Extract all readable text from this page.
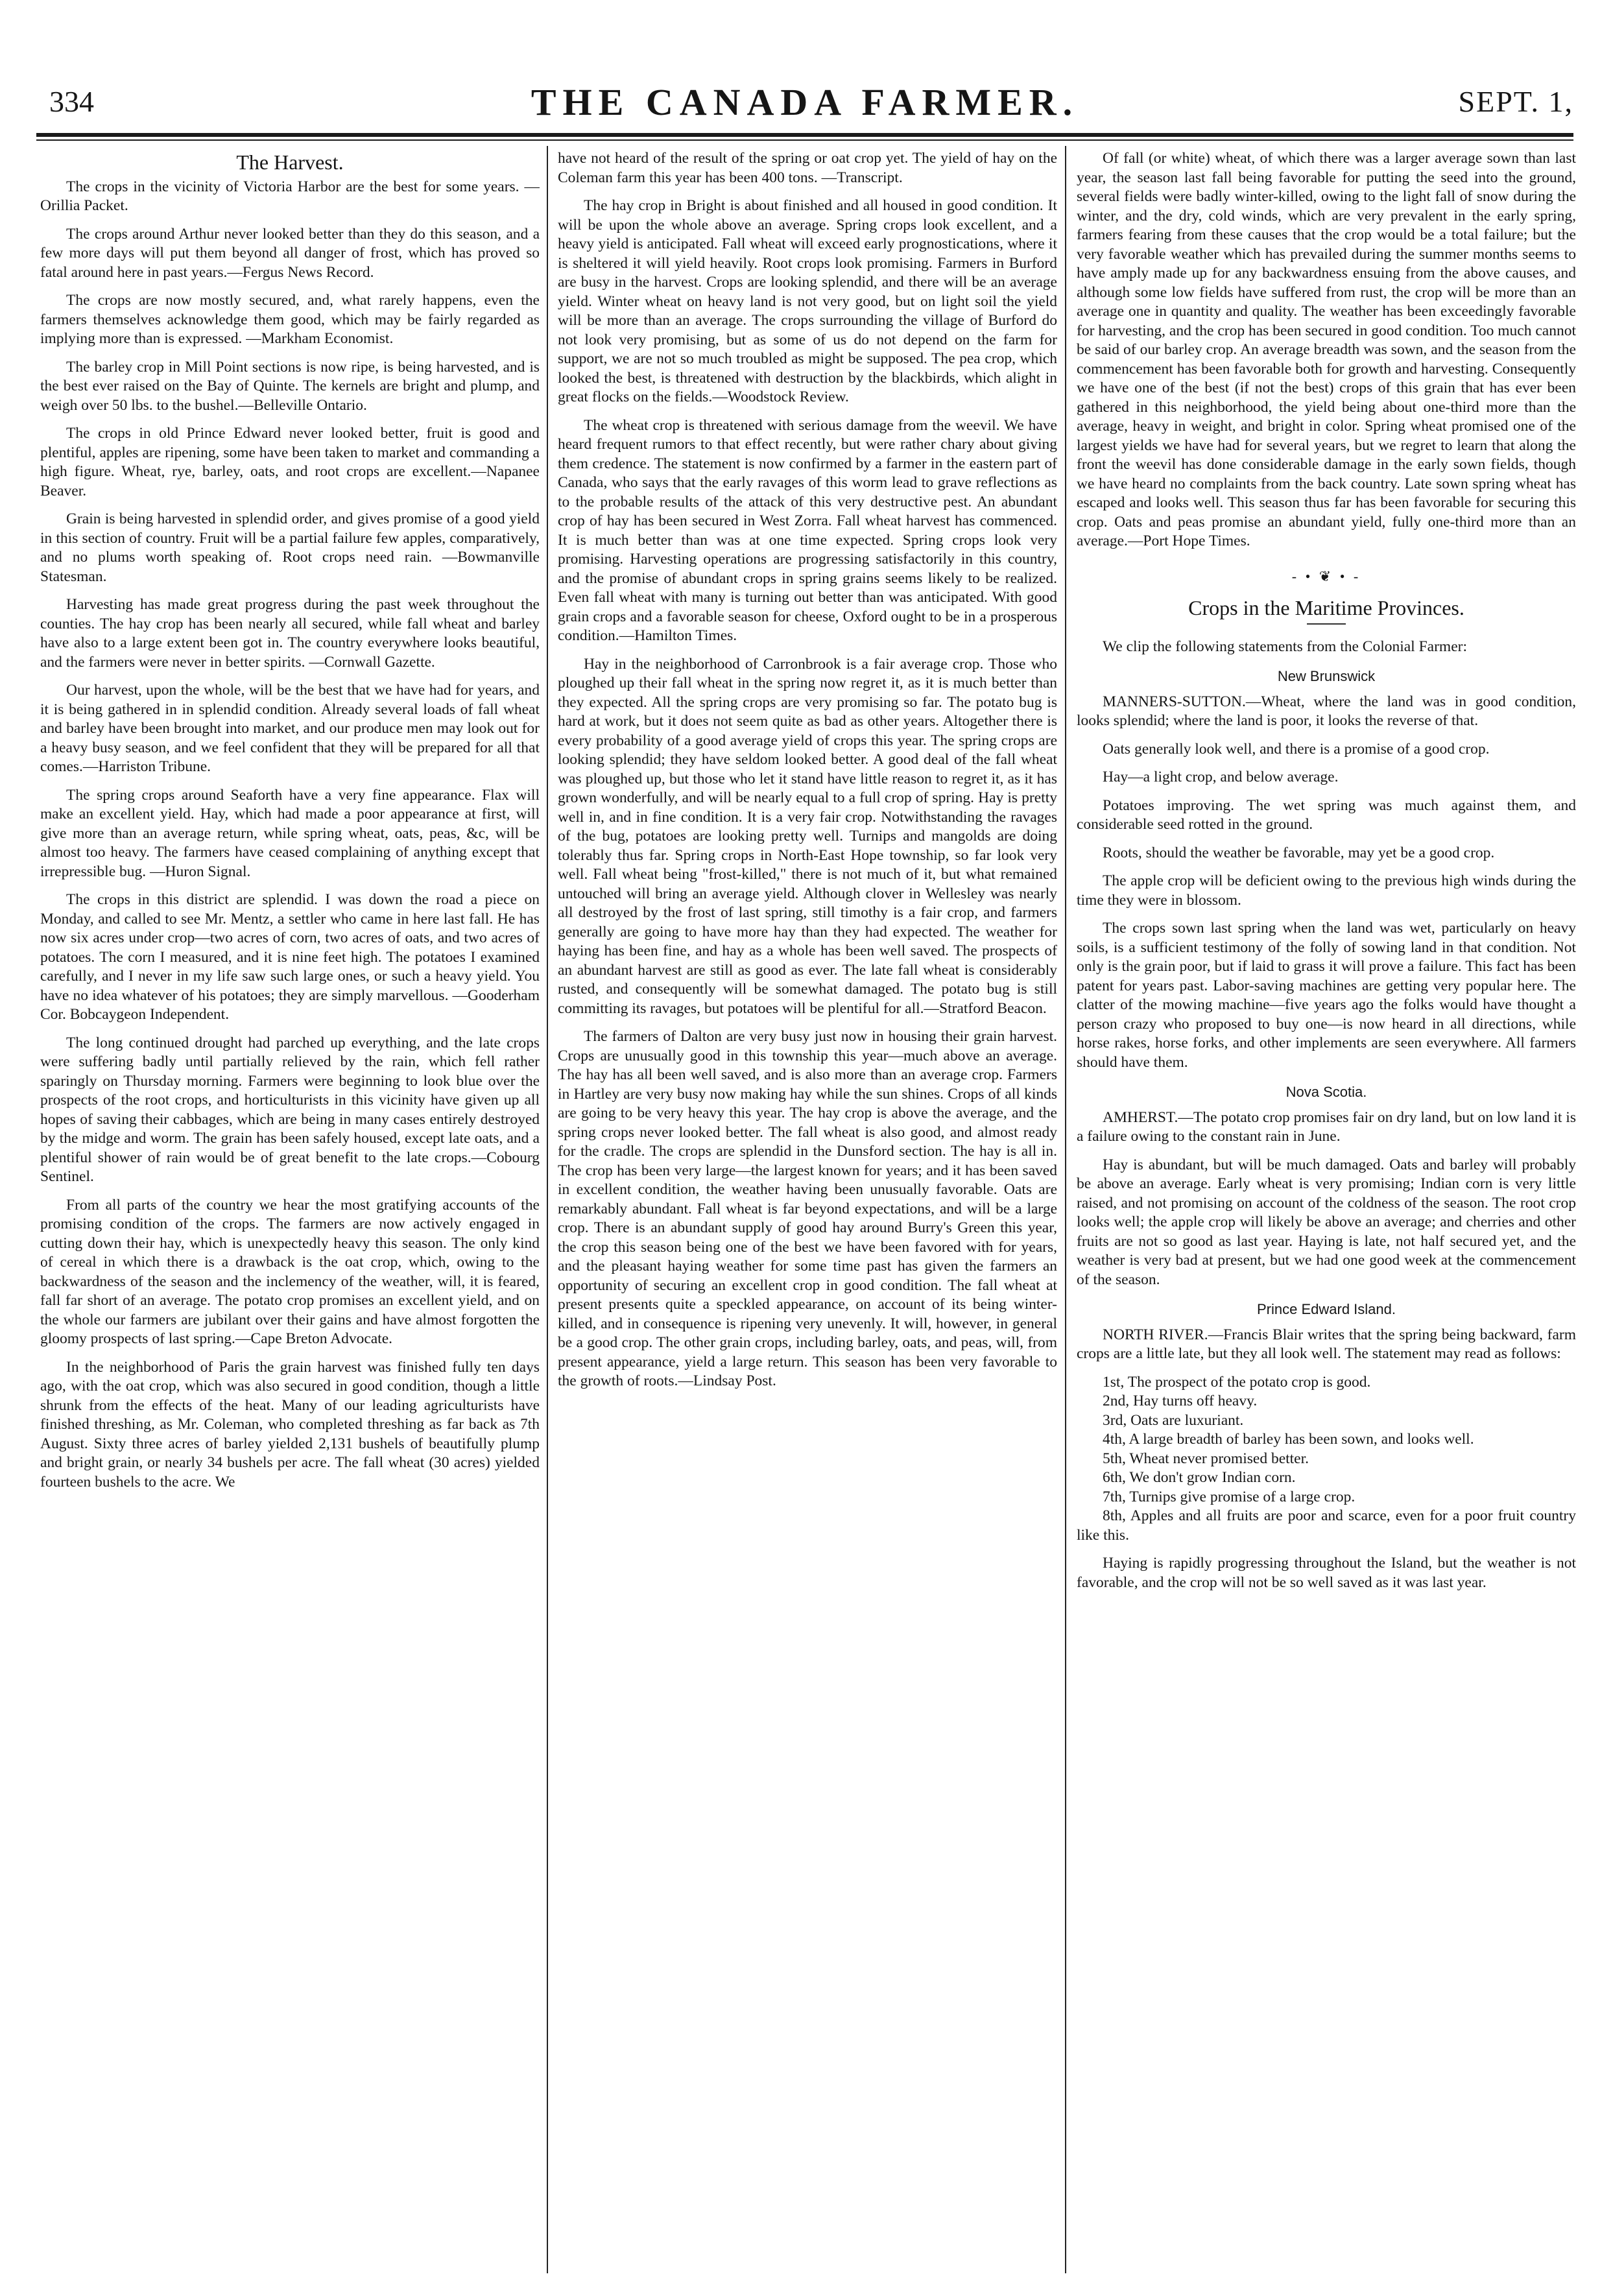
334	THE CANADA FARMER.	SEPT. 1,
The Harvest.

The crops in the vicinity of Victoria Harbor are the best for some years. —Orillia Packet.

The crops around Arthur never looked better than they do this season, and a few more days will put them beyond all danger of frost, which has proved so fatal around here in past years.—Fergus News Record.

The crops are now mostly secured, and, what rarely happens, even the farmers themselves acknowledge them good, which may be fairly regarded as implying more than is expressed. —Markham Economist.

The barley crop in Mill Point sections is now ripe, is being harvested, and is the best ever raised on the Bay of Quinte. The kernels are bright and plump, and weigh over 50 lbs. to the bushel.—Belleville Ontario.

The crops in old Prince Edward never looked better, fruit is good and plentiful, apples are ripening, some have been taken to market and commanding a high figure. Wheat, rye, barley, oats, and root crops are excellent.—Napanee Beaver.

Grain is being harvested in splendid order, and gives promise of a good yield in this section of country. Fruit will be a partial failure few apples, comparatively, and no plums worth speaking of. Root crops need rain. —Bowmanville Statesman.

Harvesting has made great progress during the past week throughout the counties. The hay crop has been nearly all secured, while fall wheat and barley have also to a large extent been got in. The country everywhere looks beautiful, and the farmers were never in better spirits. —Cornwall Gazette.

Our harvest, upon the whole, will be the best that we have had for years, and it is being gathered in in splendid condition. Already several loads of fall wheat and barley have been brought into market, and our produce men may look out for a heavy busy season, and we feel confident that they will be prepared for all that comes.—Harriston Tribune.

The spring crops around Seaforth have a very fine appearance. Flax will make an excellent yield. Hay, which had made a poor appearance at first, will give more than an average return, while spring wheat, oats, peas, &c, will be almost too heavy. The farmers have ceased complaining of anything except that irrepressible bug. —Huron Signal.

The crops in this district are splendid. I was down the road a piece on Monday, and called to see Mr. Mentz, a settler who came in here last fall. He has now six acres under crop—two acres of corn, two acres of oats, and two acres of potatoes. The corn I measured, and it is nine feet high. The potatoes I examined carefully, and I never in my life saw such large ones, or such a heavy yield. You have no idea whatever of his potatoes; they are simply marvellous. —Gooderham Cor. Bobcaygeon Independent.

The long continued drought had parched up everything, and the late crops were suffering badly until partially relieved by the rain, which fell rather sparingly on Thursday morning. Farmers were beginning to look blue over the prospects of the root crops, and horticulturists in this vicinity have given up all hopes of saving their cabbages, which are being in many cases entirely destroyed by the midge and worm. The grain has been safely housed, except late oats, and a plentiful shower of rain would be of great benefit to the late crops.—Cobourg Sentinel.

From all parts of the country we hear the most gratifying accounts of the promising condition of the crops. The farmers are now actively engaged in cutting down their hay, which is unexpectedly heavy this season. The only kind of cereal in which there is a drawback is the oat crop, which, owing to the backwardness of the season and the inclemency of the weather, will, it is feared, fall far short of an average. The potato crop promises an excellent yield, and on the whole our farmers are jubilant over their gains and have almost forgotten the gloomy prospects of last spring.—Cape Breton Advocate.

In the neighborhood of Paris the grain harvest was finished fully ten days ago, with the oat crop, which was also secured in good condition, though a little shrunk from the effects of the heat. Many of our leading agriculturists have finished threshing, as Mr. Coleman, who completed threshing as far back as 7th August. Sixty three acres of barley yielded 2,131 bushels of beautifully plump and bright grain, or nearly 34 bushels per acre. The fall wheat (30 acres) yielded fourteen bushels to the acre. We

have not heard of the result of the spring or oat crop yet. The yield of hay on the Coleman farm this year has been 400 tons. —Transcript.

The hay crop in Bright is about finished and all housed in good condition. It will be upon the whole above an average. Spring crops look excellent, and a heavy yield is anticipated. Fall wheat will exceed early prognostications, where it is sheltered it will yield heavily. Root crops look promising. Farmers in Burford are busy in the harvest. Crops are looking splendid, and there will be an average yield. Winter wheat on heavy land is not very good, but on light soil the yield will be more than an average. The crops surrounding the village of Burford do not look very promising, but as some of us do not depend on the farm for support, we are not so much troubled as might be supposed. The pea crop, which looked the best, is threatened with destruction by the blackbirds, which alight in great flocks on the fields.—Woodstock Review.

The wheat crop is threatened with serious damage from the weevil. We have heard frequent rumors to that effect recently, but were rather chary about giving them credence. The statement is now confirmed by a farmer in the eastern part of Canada, who says that the early ravages of this worm lead to grave reflections as to the probable results of the attack of this very destructive pest. An abundant crop of hay has been secured in West Zorra. Fall wheat harvest has commenced. It is much better than was at one time expected. Spring crops look very promising. Harvesting operations are progressing satisfactorily in this country, and the promise of abundant crops in spring grains seems likely to be realized. Even fall wheat with many is turning out better than was anticipated. With good grain crops and a favorable season for cheese, Oxford ought to be in a prosperous condition.—Hamilton Times.

Hay in the neighborhood of Carronbrook is a fair average crop. Those who ploughed up their fall wheat in the spring now regret it, as it is much better than they expected. All the spring crops are very promising so far. The potato bug is hard at work, but it does not seem quite as bad as other years. Altogether there is every probability of a good average yield of crops this year. The spring crops are looking splendid; they have seldom looked better. A good deal of the fall wheat was ploughed up, but those who let it stand have little reason to regret it, as it has grown wonderfully, and will be nearly equal to a full crop of spring. Hay is pretty well in, and in fine condition. It is a very fair crop. Notwithstanding the ravages of the bug, potatoes are looking pretty well. Turnips and mangolds are doing tolerably thus far. Spring crops in North-East Hope township, so far look very well. Fall wheat being "frost-killed," there is not much of it, but what remained untouched will bring an average yield. Although clover in Wellesley was nearly all destroyed by the frost of last spring, still timothy is a fair crop, and farmers generally are going to have more hay than they had expected. The weather for haying has been fine, and hay as a whole has been well saved. The prospects of an abundant harvest are still as good as ever. The late fall wheat is considerably rusted, and consequently will be somewhat damaged. The potato bug is still committing its ravages, but potatoes will be plentiful for all.—Stratford Beacon.

The farmers of Dalton are very busy just now in housing their grain harvest. Crops are unusually good in this township this year—much above an average. The hay has all been well saved, and is also more than an average crop. Farmers in Hartley are very busy now making hay while the sun shines. Crops of all kinds are going to be very heavy this year. The hay crop is above the average, and the spring crops never looked better. The fall wheat is also good, and almost ready for the cradle. The crops are splendid in the Dunsford section. The hay is all in. The crop has been very large—the largest known for years; and it has been saved in excellent condition, the weather having been unusually favorable. Oats are remarkably abundant. Fall wheat is far beyond expectations, and will be a large crop. There is an abundant supply of good hay around Burry's Green this year, the crop this season being one of the best we have been favored with for years, and the pleasant haying weather for some time past has given the farmers an opportunity of securing an excellent crop in good condition. The fall wheat at present presents quite a speckled appearance, on account of its being winter-killed, and in consequence is ripening very unevenly. It will, however, in general be a good crop. The other grain crops, including barley, oats, and peas, will, from present appearance, yield a large return. This season has been very favorable to the growth of roots.—Lindsay Post.

Of fall (or white) wheat, of which there was a larger average sown than last year, the season last fall being favorable for putting the seed into the ground, several fields were badly winter-killed, owing to the light fall of snow during the winter, and the dry, cold winds, which are very prevalent in the early spring, farmers fearing from these causes that the crop would be a total failure; but the very favorable weather which has prevailed during the summer months seems to have amply made up for any backwardness ensuing from the above causes, and although some low fields have suffered from rust, the crop will be more than an average one in quantity and quality. The weather has been exceedingly favorable for harvesting, and the crop has been secured in good condition. Too much cannot be said of our barley crop. An average breadth was sown, and the season from the commencement has been favorable both for growth and harvesting. Consequently we have one of the best (if not the best) crops of this grain that has ever been gathered in this neighborhood, the yield being about one-third more than the average, heavy in weight, and bright in color. Spring wheat promised one of the largest yields we have had for several years, but we regret to learn that along the front the weevil has done considerable damage in the early sown fields, though we have heard no complaints from the back country. Late sown spring wheat has escaped and looks well. This season thus far has been favorable for securing this crop. Oats and peas promise an abundant yield, fully one-third more than an average.—Port Hope Times.

- • ❦ • -
Crops in the Maritime Provinces.

We clip the following statements from the Colonial Farmer:

New Brunswick

MANNERS-SUTTON.—Wheat, where the land was in good condition, looks splendid; where the land is poor, it looks the reverse of that.

Oats generally look well, and there is a promise of a good crop.

Hay—a light crop, and below average.

Potatoes improving. The wet spring was much against them, and considerable seed rotted in the ground.

Roots, should the weather be favorable, may yet be a good crop.

The apple crop will be deficient owing to the previous high winds during the time they were in blossom.

The crops sown last spring when the land was wet, particularly on heavy soils, is a sufficient testimony of the folly of sowing land in that condition. Not only is the grain poor, but if laid to grass it will prove a failure. This fact has been patent for years past. Labor-saving machines are getting very popular here. The clatter of the mowing machine—five years ago the folks would have thought a person crazy who proposed to buy one—is now heard in all directions, while horse rakes, horse forks, and other implements are seen everywhere. All farmers should have them.

Nova Scotia.

AMHERST.—The potato crop promises fair on dry land, but on low land it is a failure owing to the constant rain in June.

Hay is abundant, but will be much damaged. Oats and barley will probably be above an average. Early wheat is very promising; Indian corn is very little raised, and not promising on account of the coldness of the season. The root crop looks well; the apple crop will likely be above an average; and cherries and other fruits are not so good as last year. Haying is late, not half secured yet, and the weather is very bad at present, but we had one good week at the commencement of the season.

Prince Edward Island.

NORTH RIVER.—Francis Blair writes that the spring being backward, farm crops are a little late, but they all look well. The statement may read as follows:

1st, The prospect of the potato crop is good.
2nd, Hay turns off heavy.
3rd, Oats are luxuriant.
4th, A large breadth of barley has been sown, and looks well.
5th, Wheat never promised better.
6th, We don't grow Indian corn.
7th, Turnips give promise of a large crop.
8th, Apples and all fruits are poor and scarce, even for a poor fruit country like this.

Haying is rapidly progressing throughout the Island, but the weather is not favorable, and the crop will not be so well saved as it was last year.
